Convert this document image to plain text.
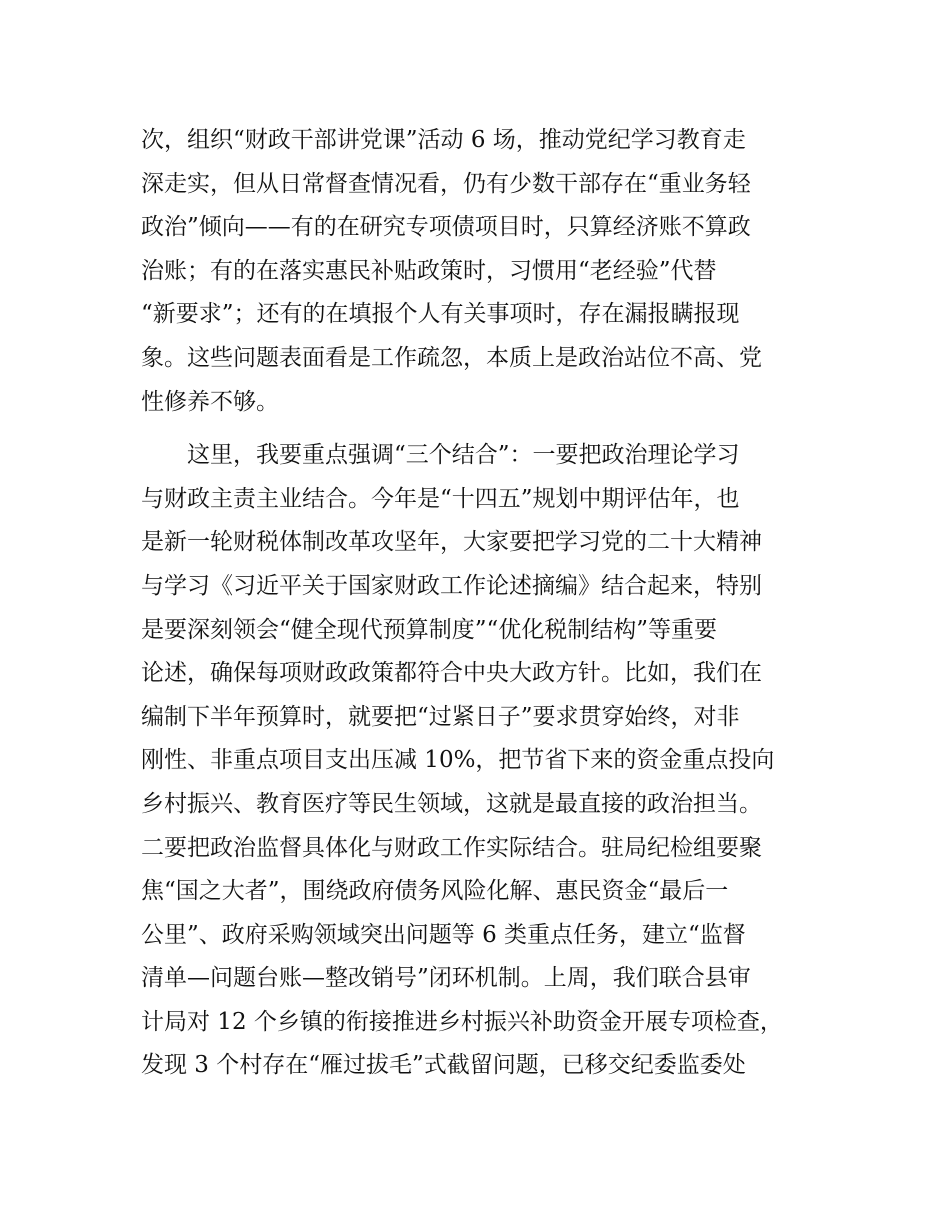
次，组织“财政干部讲党课”活动 6 场，推动党纪学习教育走
深走实，但从日常督查情况看，仍有少数干部存在“重业务轻
政治”倾向——有的在研究专项债项目时，只算经济账不算政
治账；有的在落实惠民补贴政策时，习惯用“老经验”代替
“新要求”；还有的在填报个人有关事项时，存在漏报瞒报现
象。这些问题表面看是工作疏忽，本质上是政治站位不高、党
性修养不够。
　　这里，我要重点强调“三个结合”：一要把政治理论学习
与财政主责主业结合。今年是“十四五”规划中期评估年，也
是新一轮财税体制改革攻坚年，大家要把学习党的二十大精神
与学习《习近平关于国家财政工作论述摘编》结合起来，特别
是要深刻领会“健全现代预算制度”“优化税制结构”等重要
论述，确保每项财政政策都符合中央大政方针。比如，我们在
编制下半年预算时，就要把“过紧日子”要求贯穿始终，对非
刚性、非重点项目支出压减 10%，把节省下来的资金重点投向
乡村振兴、教育医疗等民生领域，这就是最直接的政治担当。
二要把政治监督具体化与财政工作实际结合。驻局纪检组要聚
焦“国之大者”，围绕政府债务风险化解、惠民资金“最后一
公里”、政府采购领域突出问题等 6 类重点任务，建立“监督
清单—问题台账—整改销号”闭环机制。上周，我们联合县审
计局对 12 个乡镇的衔接推进乡村振兴补助资金开展专项检查，
发现 3 个村存在“雁过拔毛”式截留问题，已移交纪委监委处
